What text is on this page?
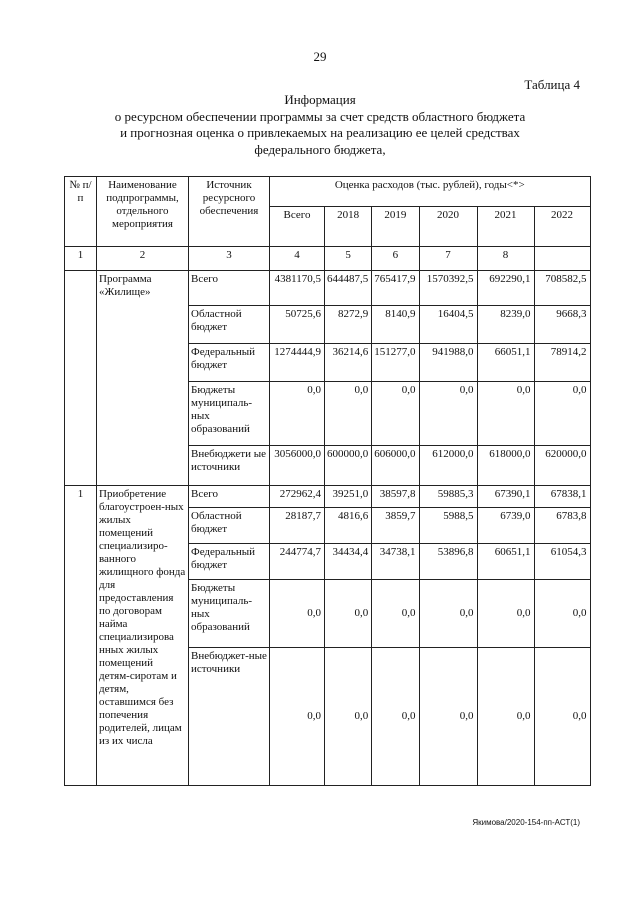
29
Таблица 4
Информация
о ресурсном обеспечении программы за счет средств областного бюджета
и прогнозная оценка о привлекаемых на реализацию ее целей средствах
федерального бюджета,
№ п/п	Наименование подпрограммы, отдельного мероприятия	Источник ресурсного обеспечения	Оценка расходов (тыс. рублей), годы<*>					
			Всего	2018	2019	2020	2021	2022
1	2	3	4	5	6	7	8	
	Программа «Жилище»	Всего	4381170,5	644487,5	765417,9	1570392,5	692290,1	708582,5
		Областной бюджет	50725,6	8272,9	8140,9	16404,5	8239,0	9668,3
		Федеральный бюджет	1274444,9	36214,6	151277,0	941988,0	66051,1	78914,2
		Бюджеты муниципаль-ных образований	0,0	0,0	0,0	0,0	0,0	0,0
		Внебюджети ые источники	3056000,0	600000,0	606000,0	612000,0	618000,0	620000,0
1	Приобретение благоустроен-ных жилых помещений специализиро-ванного жилищного фонда для предоставления по договорам найма специализирова нных жилых помещений детям-сиротам и детям, оставшимся без попечения родителей, лицам из их числа	Всего	272962,4	39251,0	38597,8	59885,3	67390,1	67838,1
		Областной бюджет	28187,7	4816,6	3859,7	5988,5	6739,0	6783,8
		Федеральный бюджет	244774,7	34434,4	34738,1	53896,8	60651,1	61054,3
		Бюджеты муниципаль-ных образований	0,0	0,0	0,0	0,0	0,0	0,0
		Внебюджет-ные источники	0,0	0,0	0,0	0,0	0,0	0,0
Якимова/2020-154-пп-АСТ(1)
